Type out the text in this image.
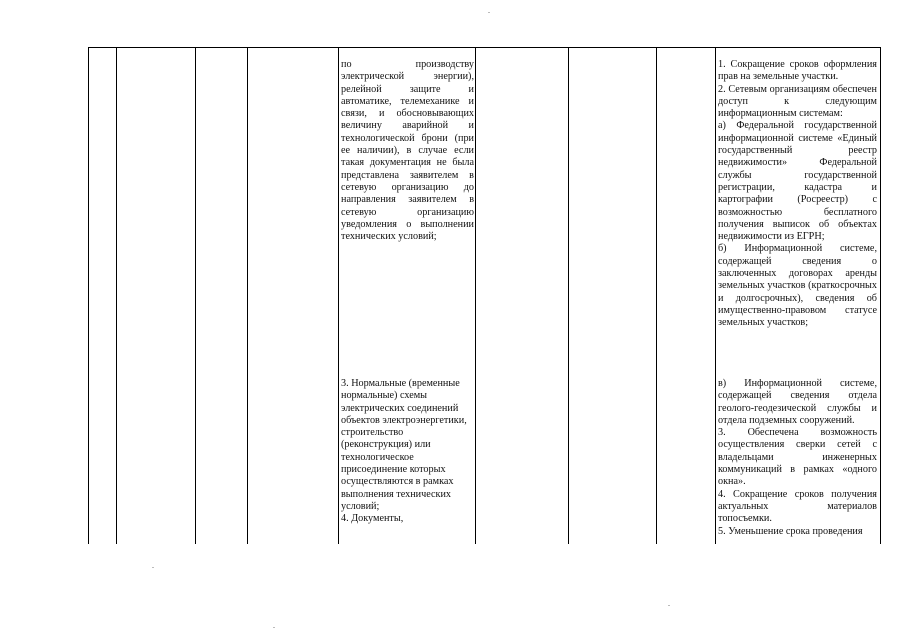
по производству электрической энергии), релейной защите и автоматике, телемеханике и связи, и обосновывающих величину аварийной и технологической брони (при ее наличии), в случае если такая документация не была представлена заявителем в сетевую организацию до направления заявителем в сетевую организацию уведомления о выполнении технических условий;

3. Нормальные (временные нормальные) схемы электрических соединений объектов электроэнергетики, строительство (реконструкция) или технологическое присоединение которых осуществляются в рамках выполнения технических условий;

4. Документы,

1. Сокращение сроков оформления прав на земельные участки.

2. Сетевым организациям обеспечен доступ к следующим информационным системам:

а) Федеральной государственной информационной системе «Единый государственный реестр недвижимости» Федеральной службы государственной регистрации, кадастра и картографии (Росреестр) с возможностью бесплатного получения выписок об объектах недвижимости из ЕГРН;

б) Информационной системе, содержащей сведения о заключенных договорах аренды земельных участков (краткосрочных и долгосрочных), сведения об имущественно-правовом статусе земельных участков;

в) Информационной системе, содержащей сведения отдела геолого-геодезической службы и отдела подземных сооружений.

3. Обеспечена возможность осуществления сверки сетей с владельцами инженерных коммуникаций в рамках «одного окна».

4. Сокращение сроков получения актуальных материалов топосъемки.

5. Уменьшение срока проведения
